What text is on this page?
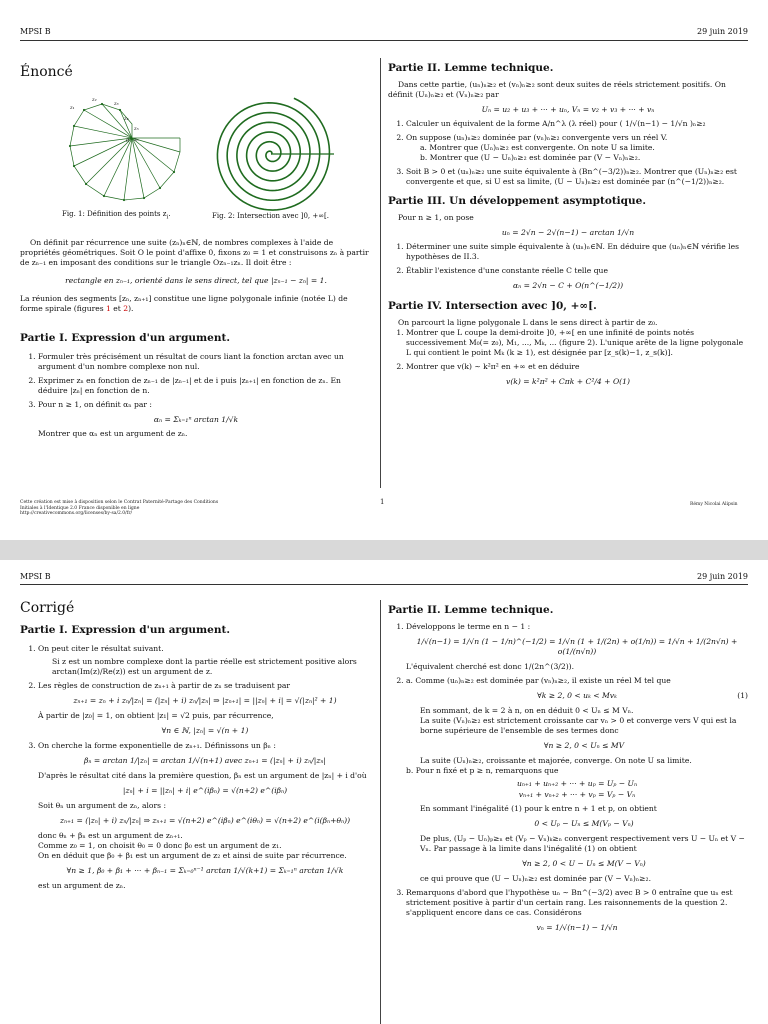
MPSI B	29 juin 2019
Énoncé
z₁
z₂
z₃
z₄
z₅
z₆
0
Fig. 1: Définition des points $z_i$.	Fig. 2: Intersection avec ]0, +∞[.

On définit par récurrence une suite (zₙ)ₙ∈ℕ, de nombres complexes à l'aide de propriétés géométriques. Soit O le point d'affixe 0, fixons z₀ = 1 et construisons zₙ à partir de zₙ₋₁ en imposant des conditions sur le triangle Ozₙ₋₁zₙ. Il doit être :

rectangle en zₙ₋₁, orienté dans le sens direct, tel que |zₙ₋₁ − zₙ| = 1.

La réunion des segments [zₙ, zₙ₊₁] constitue une ligne polygonale infinie (notée L) de forme spirale (figures 1 et 2).

Partie I. Expression d'un argument.
1. Formuler très précisément un résultat de cours liant la fonction arctan avec un argument d'un nombre complexe non nul.
2. Exprimer zₙ en fonction de zₙ₋₁ de |zₙ₋₁| et de i puis |zₙ₊₁| en fonction de zₙ. En déduire |zₙ| en fonction de n.
3. Pour n ≥ 1, on définit αₙ par :
αₙ = Σₖ₌₁ⁿ arctan 1/√k

Montrer que αₙ est un argument de zₙ.

Cette création est mise à disposition selon le Contrat Paternité-Partage des Conditions Initiales à l'Identique 2.0 France disponible en ligne http://creativecommons.org/licenses/by-sa/2.0/fr/
1	Rémy Nicolai Alipsin
Partie II. Lemme technique.

Dans cette partie, (uₙ)ₙ≥₂ et (vₙ)ₙ≥₂ sont deux suites de réels strictement positifs. On définit (Uₙ)ₙ≥₂ et (Vₙ)ₙ≥₂ par

Uₙ = u₂ + u₃ + ··· + uₙ, Vₙ = v₂ + v₃ + ··· + vₙ
1. Calculer un équivalent de la forme A/n^λ (λ réel) pour ( 1/√(n−1) − 1/√n )ₙ≥₂
2. On suppose (uₙ)ₙ≥₂ dominée par (vₙ)ₙ≥₂ convergente vers un réel V.
a. Montrer que (Uₙ)ₙ≥₂ est convergente. On note U sa limite.
b. Montrer que (U − Uₙ)ₙ≥₂ est dominée par (V − Vₙ)ₙ≥₂.
3. Soit B > 0 et (uₙ)ₙ≥₂ une suite équivalente à (Bn^(−3/2))ₙ≥₂. Montrer que (Uₙ)ₙ≥₂ est convergente et que, si U est sa limite, (U − Uₙ)ₙ≥₂ est dominée par (n^(−1/2))ₙ≥₂.
Partie III. Un développement asymptotique.

Pour n ≥ 1, on pose

uₙ = 2√n − 2√(n−1) − arctan 1/√n
1. Déterminer une suite simple équivalente à (uₙ)ₙ∈ℕ. En déduire que (uₙ)ₙ∈ℕ vérifie les hypothèses de II.3.
2. Établir l'existence d'une constante réelle C telle que
αₙ = 2√n − C + O(n^(−1/2))
Partie IV. Intersection avec ]0, +∞[.

On parcourt la ligne polygonale L dans le sens direct à partir de z₀.

1. Montrer que L coupe la demi-droite ]0, +∞[ en une infinité de points notés successivement M₀(= z₀), M₁, ..., Mₖ, ... (figure 2). L'unique arête de la ligne polygonale L qui contient le point Mₖ (k ≥ 1), est désignée par [z_s(k)−1, z_s(k)].
2. Montrer que v(k) ∼ k²π² en +∞ et en déduire
v(k) = k²π² + Cπk + C²/4 + O(1)
MPSI B	29 juin 2019
Corrigé
Partie I. Expression d'un argument.
1. On peut citer le résultat suivant.

Si z est un nombre complexe dont la partie réelle est strictement positive alors arctan(Im(z)/Re(z)) est un argument de z.

2. Les règles de construction de zₙ₊₁ à partir de zₙ se traduisent par
zₙ₊₁ = zₙ + i zₙ/|zₙ| = (|zₙ| + i) zₙ/|zₙ| ⇒ |zₙ₊₁| = ||zₙ| + i| = √(|zₙ|² + 1)

À partir de |z₀| = 1, on obtient |z₁| = √2 puis, par récurrence,

∀n ∈ ℕ, |zₙ| = √(n + 1)
3. On cherche la forme exponentielle de zₙ₊₁. Définissons un βₙ :
βₙ = arctan 1/|zₙ| = arctan 1/√(n+1) avec zₙ₊₁ = (|zₙ| + i) zₙ/|zₙ|

D'après le résultat cité dans la première question, βₙ est un argument de |zₙ| + i d'où

|zₙ| + i = ||zₙ| + i| e^(iβₙ) = √(n+2) e^(iβₙ)

Soit θₙ un argument de zₙ, alors :

zₙ₊₁ = (|zₙ| + i) zₙ/|zₙ| ⇒ zₙ₊₁ = √(n+2) e^(iβₙ) e^(iθₙ) = √(n+2) e^(i(βₙ+θₙ))

donc θₙ + βₙ est un argument de zₙ₊₁.

Comme z₀ = 1, on choisit θ₀ = 0 donc β₀ est un argument de z₁.

On en déduit que β₀ + β₁ est un argument de z₂ et ainsi de suite par récurrence.

∀n ≥ 1, β₀ + β₁ + ··· + βₙ₋₁ = Σₖ₌₀ⁿ⁻¹ arctan 1/√(k+1) = Σₖ₌₁ⁿ arctan 1/√k

est un argument de zₙ.

Partie II. Lemme technique.
1. Développons le terme en n − 1 :
1/√(n−1) = 1/√n (1 − 1/n)^(−1/2) = 1/√n (1 + 1/(2n) + o(1/n)) = 1/√n + 1/(2n√n) + o(1/(n√n))

L'équivalent cherché est donc 1/(2n^(3/2)).

2. a. Comme (uₙ)ₙ≥₂ est dominée par (vₙ)ₙ≥₂, il existe un réel M tel que
∀k ≥ 2, 0 < uₖ < Mvₖ	(1)

En sommant, de k = 2 à n, on en déduit 0 < Uₙ ≤ M Vₙ.

La suite (Vₙ)ₙ≥₂ est strictement croissante car vₙ > 0 et converge vers V qui est la borne supérieure de l'ensemble de ses termes donc

∀n ≥ 2, 0 < Uₙ ≤ MV

La suite (Uₙ)ₙ≥₂, croissante et majorée, converge. On note U sa limite.

b. Pour n fixé et p ≥ n, remarquons que

uₙ₊₁ + uₙ₊₂ + ··· + uₚ = Uₚ − Uₙ
vₙ₊₁ + vₙ₊₂ + ··· + vₚ = Vₚ − Vₙ

En sommant l'inégalité (1) pour k entre n + 1 et p, on obtient

0 < Uₚ − Uₙ ≤ M(Vₚ − Vₙ)

De plus, (Uₚ − Uₙ)ₚ≥ₙ et (Vₚ − Vₙ)ₖ≥ₙ convergent respectivement vers U − Uₙ et V − Vₙ. Par passage à la limite dans l'inégalité (1) on obtient

∀n ≥ 2, 0 < U − Uₙ ≤ M(V − Vₙ)

ce qui prouve que (U − Uₙ)ₙ≥₂ est dominée par (V − Vₙ)ₙ≥₂.

3. Remarquons d'abord que l'hypothèse uₙ ∼ Bn^(−3/2) avec B > 0 entraîne que uₙ est strictement positive à partir d'un certain rang. Les raisonnements de la question 2. s'appliquent encore dans ce cas. Considérons
vₙ = 1/√(n−1) − 1/√n
